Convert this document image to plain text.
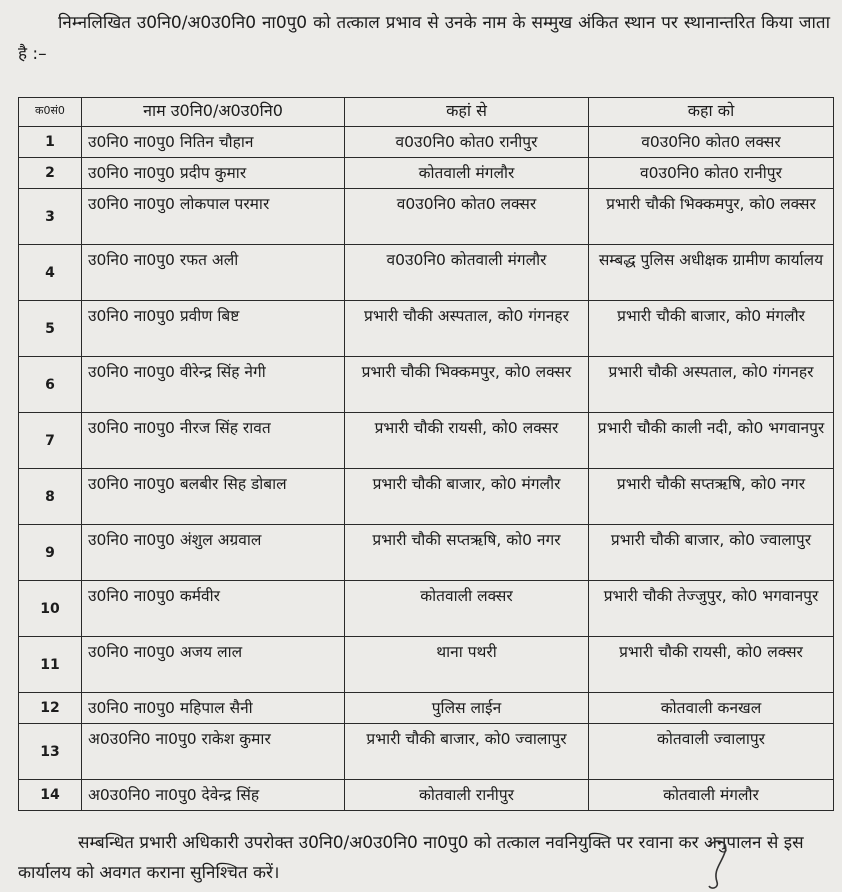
निम्नलिखित उ0नि0/अ0उ0नि0 ना0पु0 को तत्काल प्रभाव से उनके नाम के सम्मुख अंकित स्थान पर स्थानान्तरित किया जाता है :–

क0सं0	नाम उ0नि0/अ0उ0नि0	कहां से	कहा को
1	उ0नि0 ना0पु0 नितिन चौहान	व0उ0नि0 कोत0 रानीपुर	व0उ0नि0 कोत0 लक्सर
2	उ0नि0 ना0पु0 प्रदीप कुमार	कोतवाली मंगलौर	व0उ0नि0 कोत0 रानीपुर
3	उ0नि0 ना0पु0 लोकपाल परमार	व0उ0नि0 कोत0 लक्सर	प्रभारी चौकी भिक्कमपुर, को0 लक्सर
4	उ0नि0 ना0पु0 रफत अली	व0उ0नि0 कोतवाली मंगलौर	सम्बद्ध पुलिस अधीक्षक ग्रामीण कार्यालय
5	उ0नि0 ना0पु0 प्रवीण बिष्ट	प्रभारी चौकी अस्पताल, को0 गंगनहर	प्रभारी चौकी बाजार, को0 मंगलौर
6	उ0नि0 ना0पु0 वीरेन्द्र सिंह नेगी	प्रभारी चौकी भिक्कमपुर, को0 लक्सर	प्रभारी चौकी अस्पताल, को0 गंगनहर
7	उ0नि0 ना0पु0 नीरज सिंह रावत	प्रभारी चौकी रायसी, को0 लक्सर	प्रभारी चौकी काली नदी, को0 भगवानपुर
8	उ0नि0 ना0पु0 बलबीर सिह डोबाल	प्रभारी चौकी बाजार, को0 मंगलौर	प्रभारी चौकी सप्तऋषि, को0 नगर
9	उ0नि0 ना0पु0 अंशुल अग्रवाल	प्रभारी चौकी सप्तऋषि, को0 नगर	प्रभारी चौकी बाजार, को0 ज्वालापुर
10	उ0नि0 ना0पु0 कर्मवीर	कोतवाली लक्सर	प्रभारी चौकी तेज्जुपुर, को0 भगवानपुर
11	उ0नि0 ना0पु0 अजय लाल	थाना पथरी	प्रभारी चौकी रायसी, को0 लक्सर
12	उ0नि0 ना0पु0 महिपाल सैनी	पुलिस लाईन	कोतवाली कनखल
13	अ0उ0नि0 ना0पु0 राकेश कुमार	प्रभारी चौकी बाजार, को0 ज्वालापुर	कोतवाली ज्वालापुर
14	अ0उ0नि0 ना0पु0 देवेन्द्र सिंह	कोतवाली रानीपुर	कोतवाली मंगलौर

सम्बन्धित प्रभारी अधिकारी उपरोक्त उ0नि0/अ0उ0नि0 ना0पु0 को तत्काल नवनियुक्ति पर रवाना कर अनुपालन से इस कार्यालय को अवगत कराना सुनिश्चित करें।
